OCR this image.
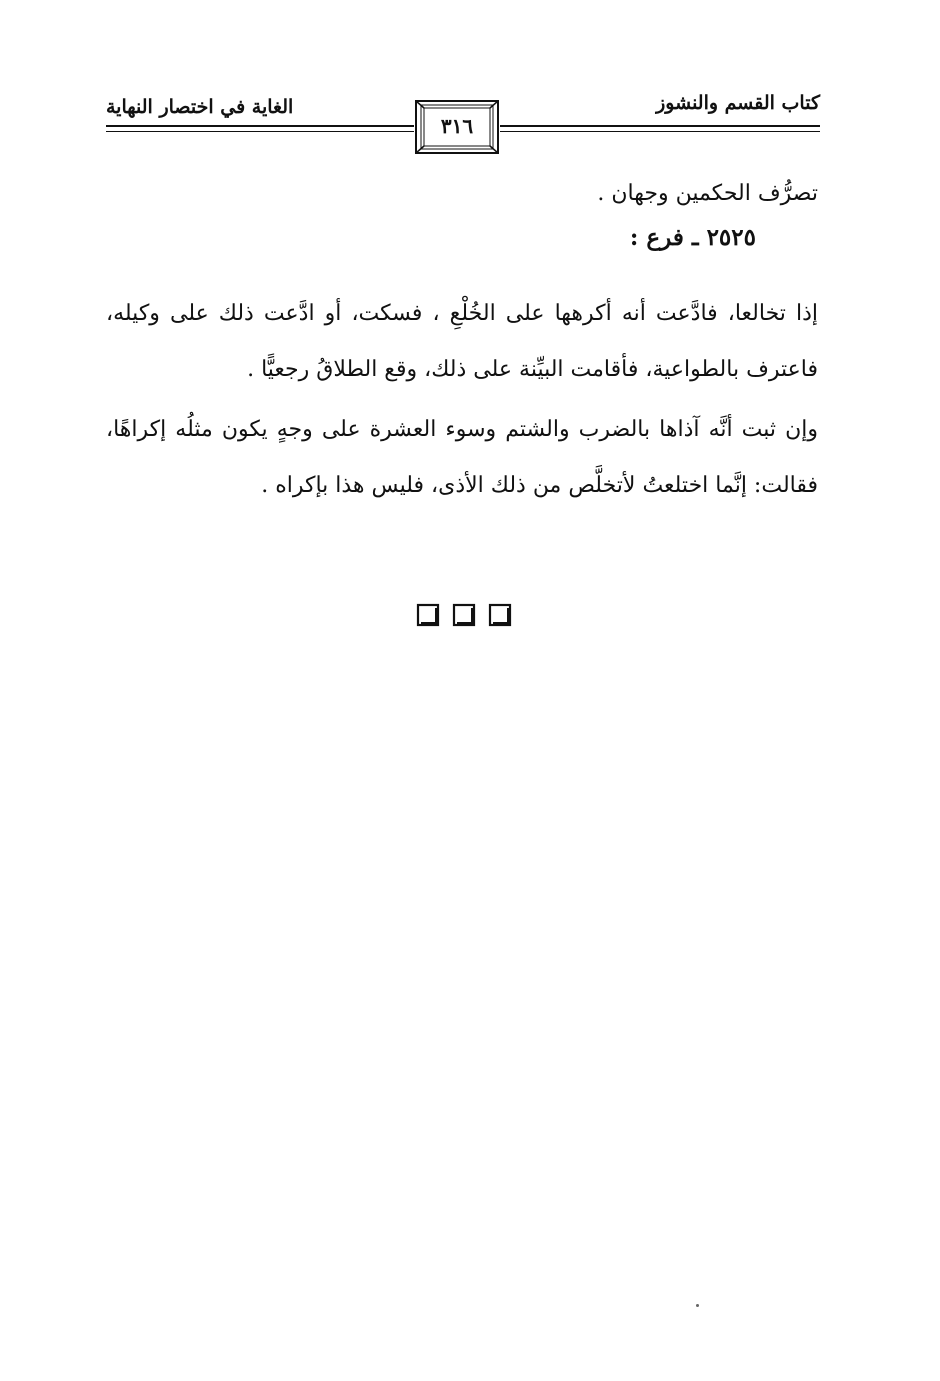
كتاب القسم والنشوز
الغاية في اختصار النهاية
٣١٦
تصرُّف الحكمين وجهان .
٢٥٢٥ ـ فرع :
إذا تخالعا، فادَّعت أنه أكرهها على الخُلْعِ ، فسكت، أو ادَّعت ذلك على وكيله، فاعترف بالطواعية، فأقامت البيِّنة على ذلك، وقع الطلاقُ رجعيًّا .
وإن ثبت أنَّه آذاها بالضرب والشتم وسوء العشرة على وجهٍ يكون مثلُه إكراهًا، فقالت: إنَّما اختلعتُ لأتخلَّص من ذلك الأذى، فليس هذا بإكراه .
